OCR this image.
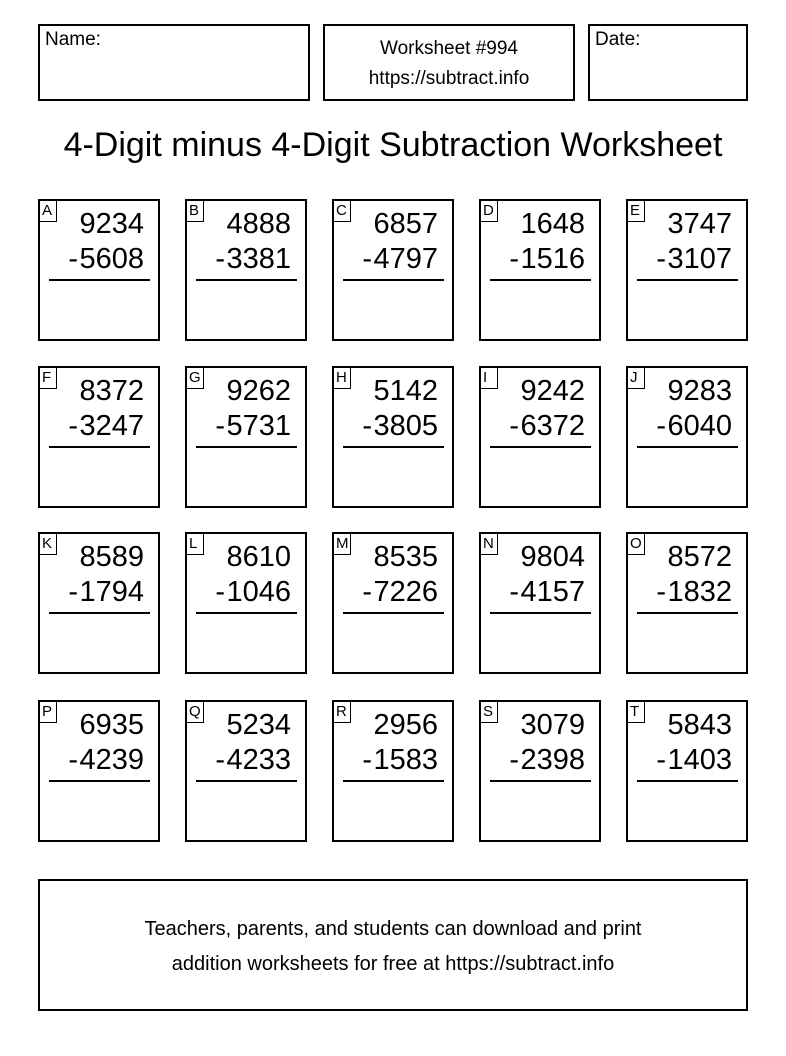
Name:	Worksheet #994
https://subtract.info
Date:
4-Digit minus 4-Digit Subtraction Worksheet
A 9234
- 5608
B 4888
- 3381
C 6857
- 4797
D 1648
- 1516
E 3747
- 3107
F 8372
- 3247
G 9262
- 5731
H 5142
- 3805
I	9242
- 6372
J 9283
- 6040
K 8589
- 1794
L 8610
- 1046
M 8535
- 7226
N 9804
- 4157
O 8572
- 1832
P 6935
- 4239
Q 5234
- 4233
R 2956
- 1583
S 3079
- 2398
T 5843
- 1403
Teachers, parents, and students can download and print
addition worksheets for free at https://subtract.info
